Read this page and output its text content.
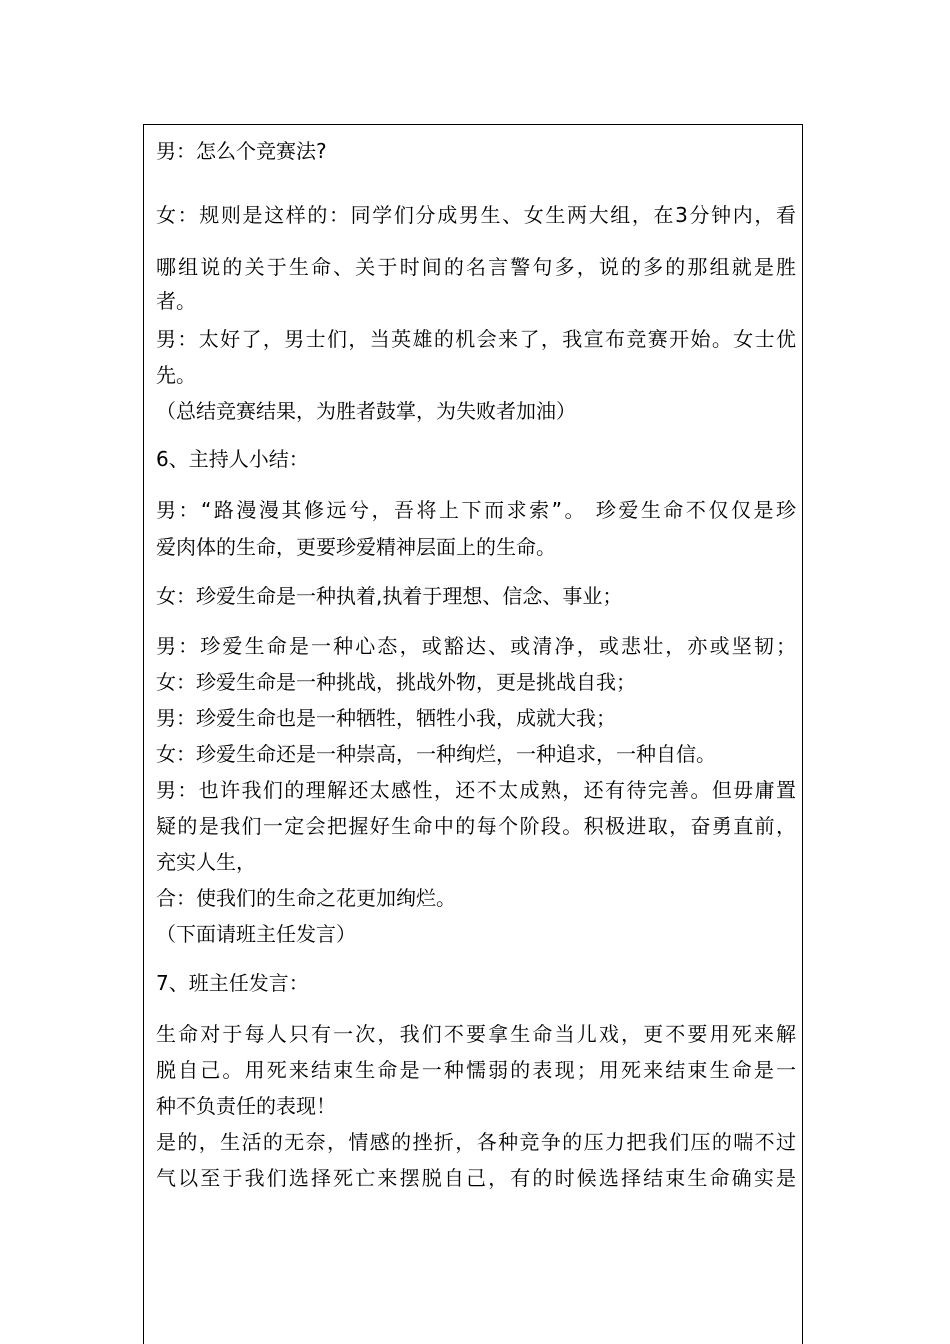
男：怎么个竞赛法?
女：规则是这样的：同学们分成男生、女生两大组，在3分钟内，看
哪组说的关于生命、关于时间的名言警句多，说的多的那组就是胜
者。
男：太好了，男士们，当英雄的机会来了，我宣布竞赛开始。女士优
先。
（总结竞赛结果，为胜者鼓掌，为失败者加油）
6、主持人小结：
男：“路漫漫其修远兮，吾将上下而求索”。 珍爱生命不仅仅是珍
爱肉体的生命，更要珍爱精神层面上的生命。
女：珍爱生命是一种执着,执着于理想、信念、事业；
男：珍爱生命是一种心态，或豁达、或清净，或悲壮，亦或坚韧；
女：珍爱生命是一种挑战，挑战外物，更是挑战自我；
男：珍爱生命也是一种牺牲，牺牲小我，成就大我；
女：珍爱生命还是一种崇高，一种绚烂，一种追求，一种自信。
男：也许我们的理解还太感性，还不太成熟，还有待完善。但毋庸置
疑的是我们一定会把握好生命中的每个阶段。积极进取，奋勇直前，
充实人生，
合：使我们的生命之花更加绚烂。
（下面请班主任发言）
7、班主任发言：
生命对于每人只有一次，我们不要拿生命当儿戏，更不要用死来解
脱自己。用死来结束生命是一种懦弱的表现；用死来结束生命是一
种不负责任的表现！
是的，生活的无奈，情感的挫折，各种竞争的压力把我们压的喘不过
气以至于我们选择死亡来摆脱自己，有的时候选择结束生命确实是
